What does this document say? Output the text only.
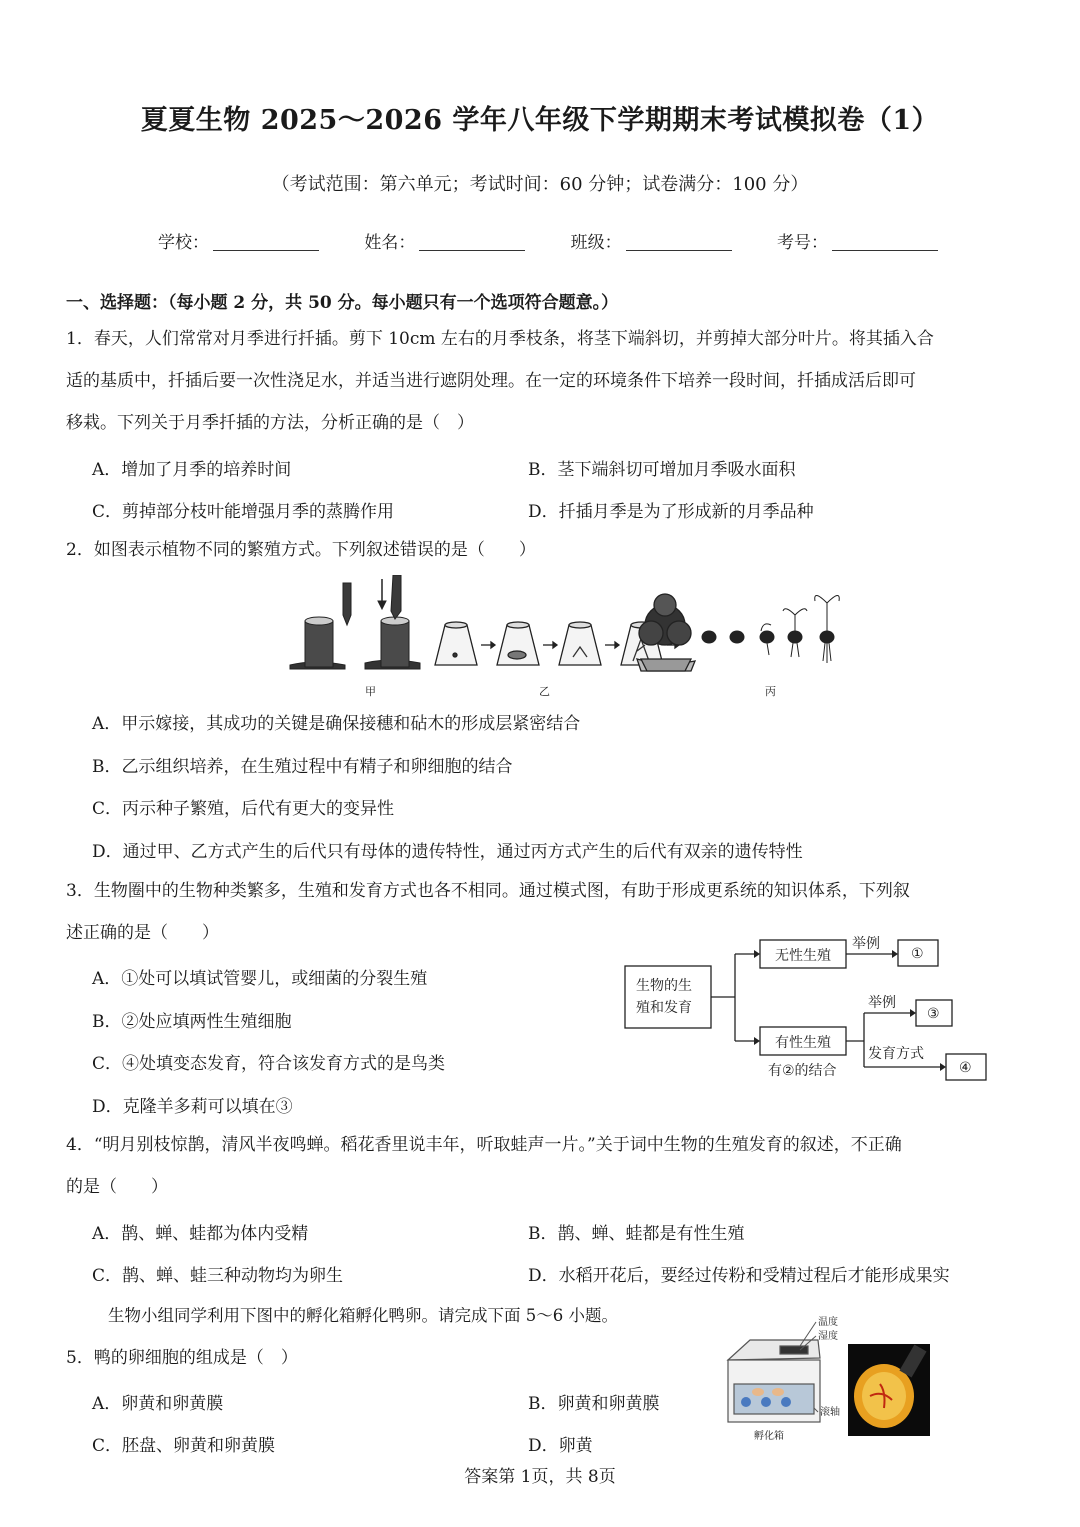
夏夏生物 2025～2026 学年八年级下学期期末考试模拟卷（1）
（考试范围：第六单元；考试时间：60 分钟；试卷满分：100 分）
学校：	姓名：	班级：	考号：
一、选择题：（每小题 2 分，共 50 分。每小题只有一个选项符合题意。）
1．春天，人们常常对月季进行扦插。剪下 10cm 左右的月季枝条，将茎下端斜切，并剪掉大部分叶片。将其插入合
适的基质中，扦插后要一次性浇足水，并适当进行遮阴处理。在一定的环境条件下培养一段时间，扦插成活后即可
移栽。下列关于月季扦插的方法，分析正确的是（　）
A．增加了月季的培养时间	B．茎下端斜切可增加月季吸水面积
C．剪掉部分枝叶能增强月季的蒸腾作用	D．扦插月季是为了形成新的月季品种
2．如图表示植物不同的繁殖方式。下列叙述错误的是（　　）
甲	乙	丙
A．甲示嫁接，其成功的关键是确保接穗和砧木的形成层紧密结合
B．乙示组织培养，在生殖过程中有精子和卵细胞的结合
C．丙示种子繁殖，后代有更大的变异性
D．通过甲、乙方式产生的后代只有母体的遗传特性，通过丙方式产生的后代有双亲的遗传特性
3．生物圈中的生物种类繁多，生殖和发育方式也各不相同。通过模式图，有助于形成更系统的知识体系，下列叙
述正确的是（　　）
A．①处可以填试管婴儿，或细菌的分裂生殖
B．②处应填两性生殖细胞
C．④处填变态发育，符合该发育方式的是鸟类
D．克隆羊多莉可以填在③
生物的生
殖和发育
无性生殖
有性生殖
举例
举例
发育方式
有②的结合
①
③
④
4．“明月别枝惊鹊，清风半夜鸣蝉。稻花香里说丰年，听取蛙声一片。”关于词中生物的生殖发育的叙述，不正确
的是（　　）
A．鹊、蝉、蛙都为体内受精	B．鹊、蝉、蛙都是有性生殖
C．鹊、蝉、蛙三种动物均为卵生	D．水稻开花后，要经过传粉和受精过程后才能形成果实
生物小组同学利用下图中的孵化箱孵化鸭卵。请完成下面 5～6 小题。	温度
湿度
滚轴
孵化箱
5．鸭的卵细胞的组成是（　）
A．卵黄和卵黄膜	B．卵黄和卵黄膜
C．胚盘、卵黄和卵黄膜	D．卵黄
答案第 1页，共 8页
